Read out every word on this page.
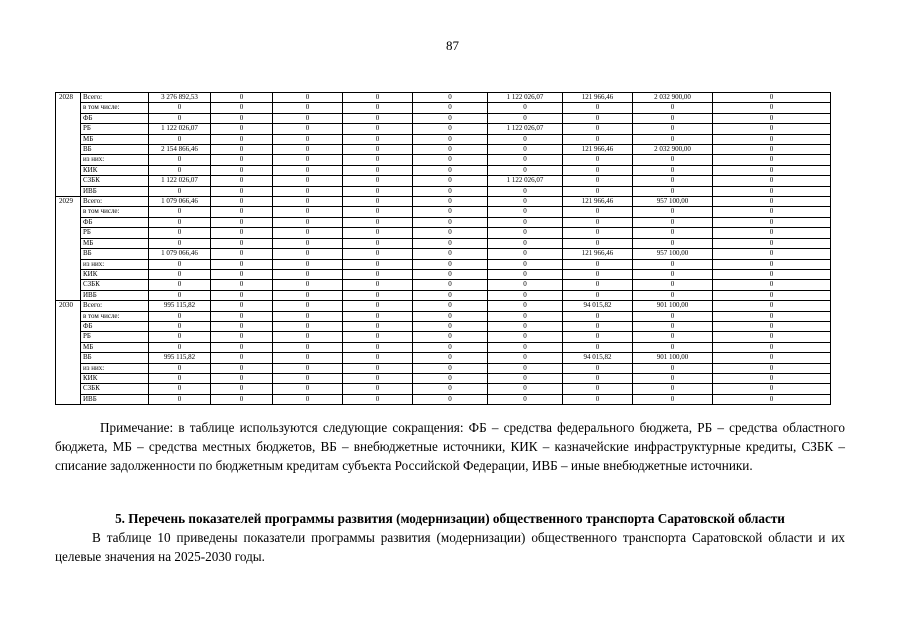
87
2028	Всего:	3 276 892,53	0	0	0	0	1 122 026,07	121 966,46	2 032 900,00	0
	в том числе:	0	0	0	0	0	0	0	0	0
	ФБ	0	0	0	0	0	0	0	0	0
	РБ	1 122 026,07	0	0	0	0	1 122 026,07	0	0	0
	МБ	0	0	0	0	0	0	0	0	0
	ВБ	2 154 866,46	0	0	0	0	0	121 966,46	2 032 900,00	0
	из них:	0	0	0	0	0	0	0	0	0
	КИК	0	0	0	0	0	0	0	0	0
	СЗБК	1 122 026,07	0	0	0	0	1 122 026,07	0	0	0
	ИВБ	0	0	0	0	0	0	0	0	0
2029	Всего:	1 079 066,46	0	0	0	0	0	121 966,46	957 100,00	0
	в том числе:	0	0	0	0	0	0	0	0	0
	ФБ	0	0	0	0	0	0	0	0	0
	РБ	0	0	0	0	0	0	0	0	0
	МБ	0	0	0	0	0	0	0	0	0
	ВБ	1 079 066,46	0	0	0	0	0	121 966,46	957 100,00	0
	из них:	0	0	0	0	0	0	0	0	0
	КИК	0	0	0	0	0	0	0	0	0
	СЗБК	0	0	0	0	0	0	0	0	0
	ИВБ	0	0	0	0	0	0	0	0	0
2030	Всего:	995 115,82	0	0	0	0	0	94 015,82	901 100,00	0
	в том числе:	0	0	0	0	0	0	0	0	0
	ФБ	0	0	0	0	0	0	0	0	0
	РБ	0	0	0	0	0	0	0	0	0
	МБ	0	0	0	0	0	0	0	0	0
	ВБ	995 115,82	0	0	0	0	0	94 015,82	901 100,00	0
	из них:	0	0	0	0	0	0	0	0	0
	КИК	0	0	0	0	0	0	0	0	0
	СЗБК	0	0	0	0	0	0	0	0	0
	ИВБ	0	0	0	0	0	0	0	0	0

Примечание: в таблице используются следующие сокращения: ФБ – средства федерального бюджета, РБ – средства областного бюджета, МБ – средства местных бюджетов, ВБ – внебюджетные источники, КИК – казначейские инфраструктурные кредиты, СЗБК – списание задолженности по бюджетным кредитам субъекта Российской Федерации, ИВБ – иные внебюджетные источники.

5. Перечень показателей программы развития (модернизации) общественного транспорта Саратовской области

В таблице 10 приведены показатели программы развития (модернизации) общественного транспорта Саратовской области и их целевые значения на 2025-2030 годы.
